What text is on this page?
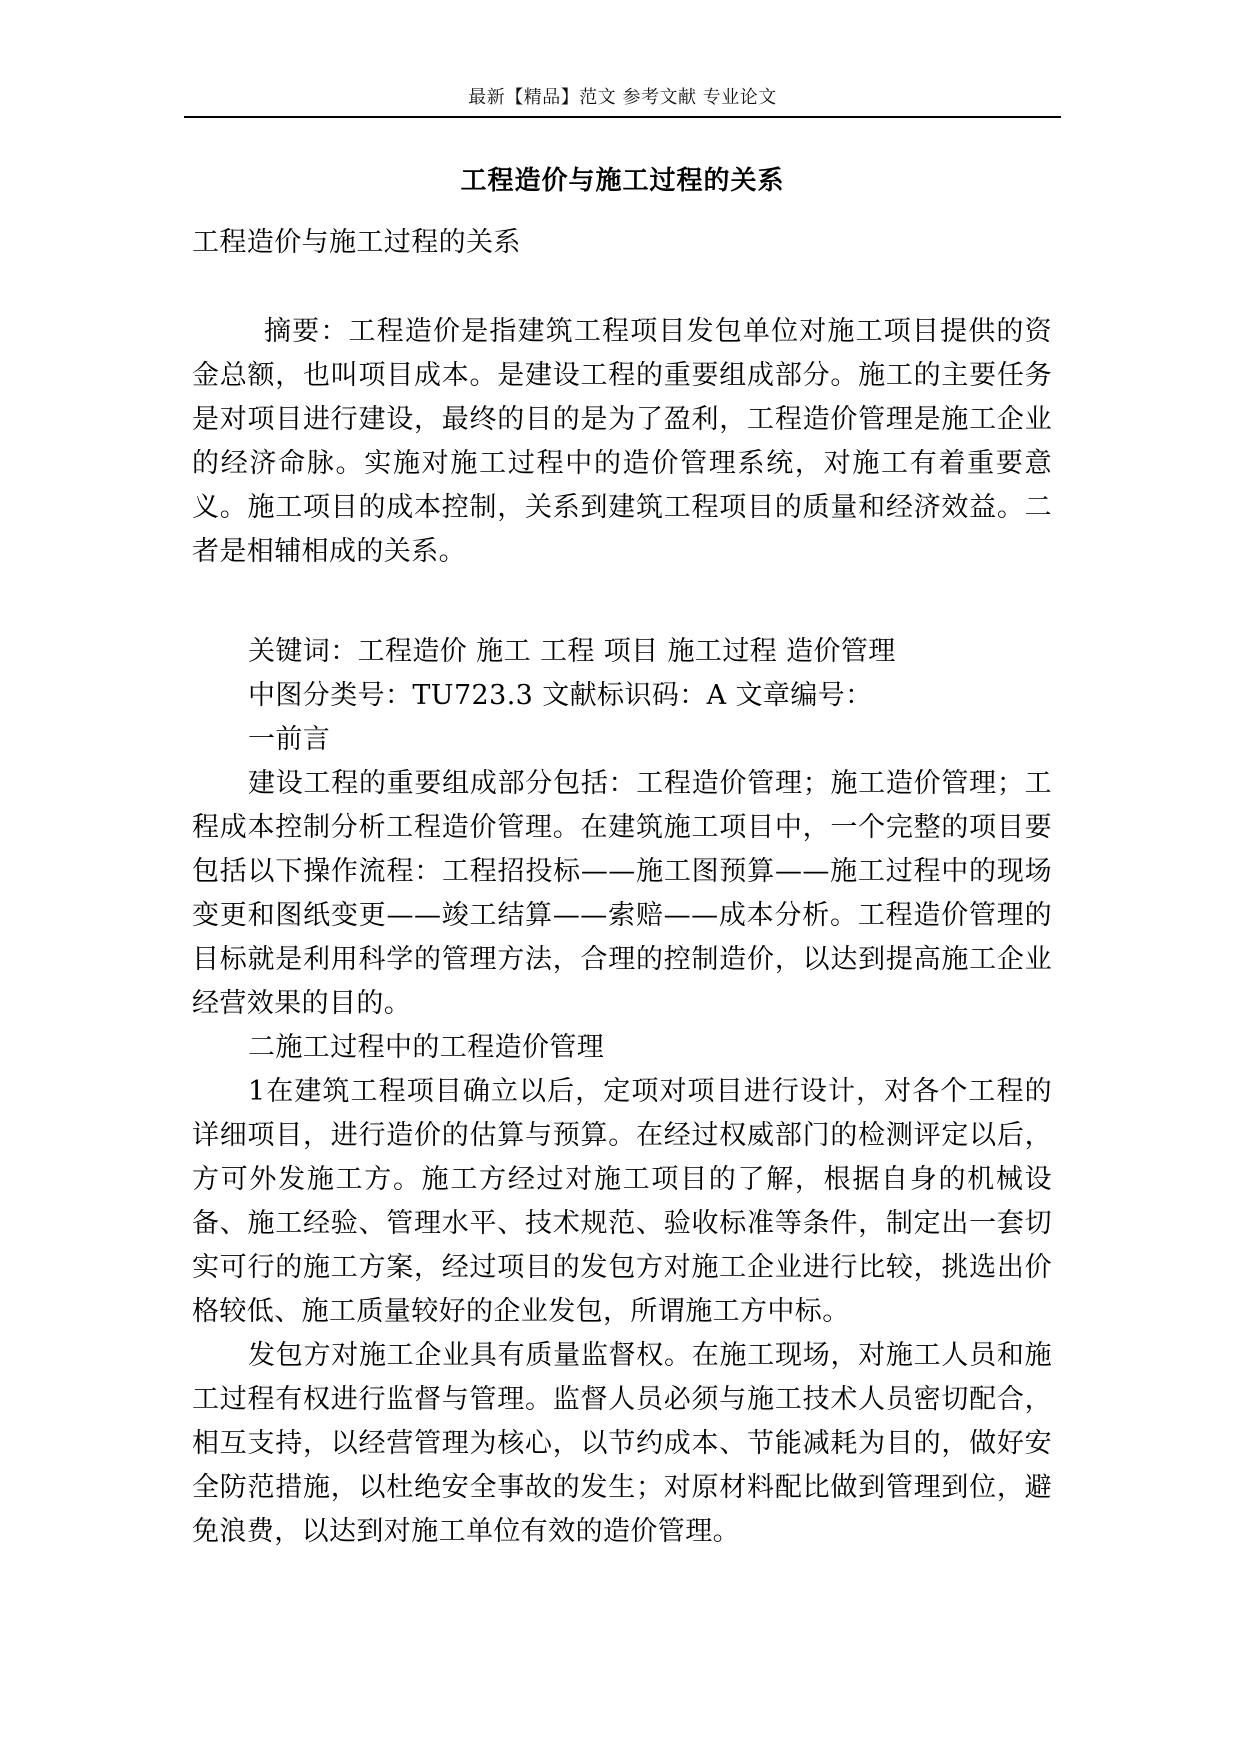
最新【精品】范文 参考文献 专业论文
工程造价与施工过程的关系
工程造价与施工过程的关系

摘要：工程造价是指建筑工程项目发包单位对施工项目提供的资金总额，也叫项目成本。是建设工程的重要组成部分。施工的主要任务是对项目进行建设，最终的目的是为了盈利，工程造价管理是施工企业的经济命脉。实施对施工过程中的造价管理系统，对施工有着重要意义。施工项目的成本控制，关系到建筑工程项目的质量和经济效益。二者是相辅相成的关系。

关键词：工程造价 施工 工程 项目 施工过程 造价管理

中图分类号：TU723.3 文献标识码：A 文章编号：

一前言

建设工程的重要组成部分包括：工程造价管理；施工造价管理；工程成本控制分析工程造价管理。在建筑施工项目中，一个完整的项目要包括以下操作流程：工程招投标——施工图预算——施工过程中的现场变更和图纸变更——竣工结算——索赔——成本分析。工程造价管理的目标就是利用科学的管理方法，合理的控制造价，以达到提高施工企业经营效果的目的。

二施工过程中的工程造价管理

1在建筑工程项目确立以后，定项对项目进行设计，对各个工程的详细项目，进行造价的估算与预算。在经过权威部门的检测评定以后，方可外发施工方。施工方经过对施工项目的了解，根据自身的机械设备、施工经验、管理水平、技术规范、验收标准等条件，制定出一套切实可行的施工方案，经过项目的发包方对施工企业进行比较，挑选出价格较低、施工质量较好的企业发包，所谓施工方中标。

发包方对施工企业具有质量监督权。在施工现场，对施工人员和施工过程有权进行监督与管理。监督人员必须与施工技术人员密切配合，相互支持，以经营管理为核心，以节约成本、节能减耗为目的，做好安全防范措施，以杜绝安全事故的发生；对原材料配比做到管理到位，避免浪费，以达到对施工单位有效的造价管理。
